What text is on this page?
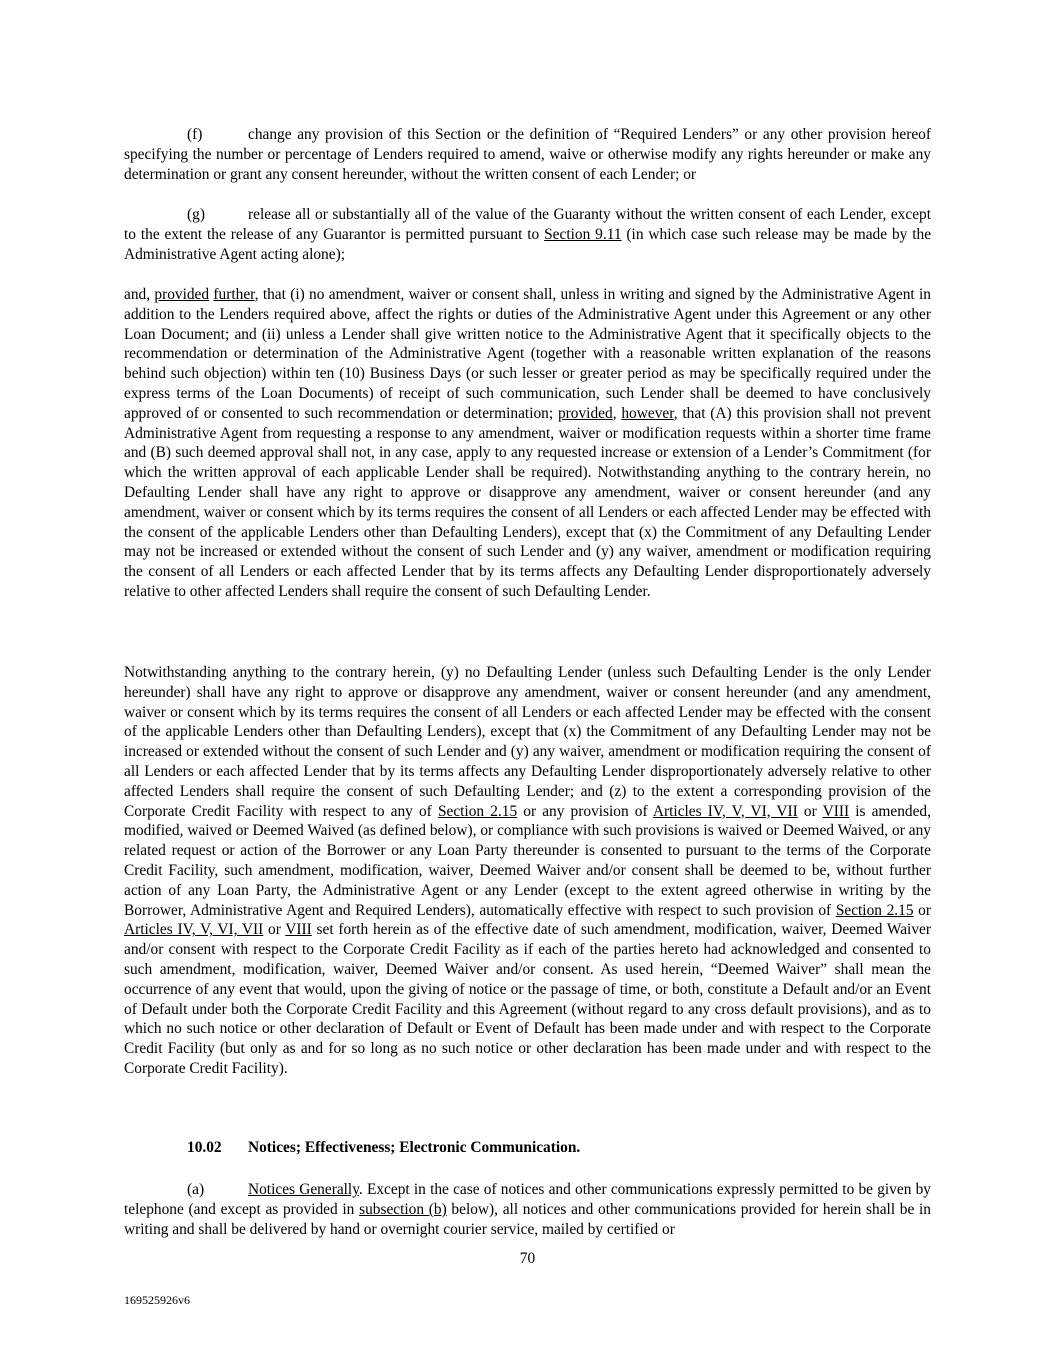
(f)	change any provision of this Section or the definition of “Required Lenders” or any other provision hereof specifying the number or percentage of Lenders required to amend, waive or otherwise modify any rights hereunder or make any determination or grant any consent hereunder, without the written consent of each Lender; or

(g)	release all or substantially all of the value of the Guaranty without the written consent of each Lender, except to the extent the release of any Guarantor is permitted pursuant to Section 9.11 (in which case such release may be made by the Administrative Agent acting alone);

and, provided further, that (i) no amendment, waiver or consent shall, unless in writing and signed by the Administrative Agent in addition to the Lenders required above, affect the rights or duties of the Administrative Agent under this Agreement or any other Loan Document; and (ii) unless a Lender shall give written notice to the Administrative Agent that it specifically objects to the recommendation or determination of the Administrative Agent (together with a reasonable written explanation of the reasons behind such objection) within ten (10) Business Days (or such lesser or greater period as may be specifically required under the express terms of the Loan Documents) of receipt of such communication, such Lender shall be deemed to have conclusively approved of or consented to such recommendation or determination; provided, however, that (A) this provision shall not prevent Administrative Agent from requesting a response to any amendment, waiver or modification requests within a shorter time frame and (B) such deemed approval shall not, in any case, apply to any requested increase or extension of a Lender’s Commitment (for which the written approval of each applicable Lender shall be required). Notwithstanding anything to the contrary herein, no Defaulting Lender shall have any right to approve or disapprove any amendment, waiver or consent hereunder (and any amendment, waiver or consent which by its terms requires the consent of all Lenders or each affected Lender may be effected with the consent of the applicable Lenders other than Defaulting Lenders), except that (x) the Commitment of any Defaulting Lender may not be increased or extended without the consent of such Lender and (y) any waiver, amendment or modification requiring the consent of all Lenders or each affected Lender that by its terms affects any Defaulting Lender disproportionately adversely relative to other affected Lenders shall require the consent of such Defaulting Lender.

Notwithstanding anything to the contrary herein, (y) no Defaulting Lender (unless such Defaulting Lender is the only Lender hereunder) shall have any right to approve or disapprove any amendment, waiver or consent hereunder (and any amendment, waiver or consent which by its terms requires the consent of all Lenders or each affected Lender may be effected with the consent of the applicable Lenders other than Defaulting Lenders), except that (x) the Commitment of any Defaulting Lender may not be increased or extended without the consent of such Lender and (y) any waiver, amendment or modification requiring the consent of all Lenders or each affected Lender that by its terms affects any Defaulting Lender disproportionately adversely relative to other affected Lenders shall require the consent of such Defaulting Lender; and (z) to the extent a corresponding provision of the Corporate Credit Facility with respect to any of Section 2.15 or any provision of Articles IV, V, VI, VII or VIII is amended, modified, waived or Deemed Waived (as defined below), or compliance with such provisions is waived or Deemed Waived, or any related request or action of the Borrower or any Loan Party thereunder is consented to pursuant to the terms of the Corporate Credit Facility, such amendment, modification, waiver, Deemed Waiver and/or consent shall be deemed to be, without further action of any Loan Party, the Administrative Agent or any Lender (except to the extent agreed otherwise in writing by the Borrower, Administrative Agent and Required Lenders), automatically effective with respect to such provision of Section 2.15 or Articles IV, V, VI, VII or VIII set forth herein as of the effective date of such amendment, modification, waiver, Deemed Waiver and/or consent with respect to the Corporate Credit Facility as if each of the parties hereto had acknowledged and consented to such amendment, modification, waiver, Deemed Waiver and/or consent. As used herein, “Deemed Waiver” shall mean the occurrence of any event that would, upon the giving of notice or the passage of time, or both, constitute a Default and/or an Event of Default under both the Corporate Credit Facility and this Agreement (without regard to any cross default provisions), and as to which no such notice or other declaration of Default or Event of Default has been made under and with respect to the Corporate Credit Facility (but only as and for so long as no such notice or other declaration has been made under and with respect to the Corporate Credit Facility).

10.02 Notices; Effectiveness; Electronic Communication.

(a)	Notices Generally. Except in the case of notices and other communications expressly permitted to be given by telephone (and except as provided in subsection (b) below), all notices and other communications provided for herein shall be in writing and shall be delivered by hand or overnight courier service, mailed by certified or

70
169525926v6
